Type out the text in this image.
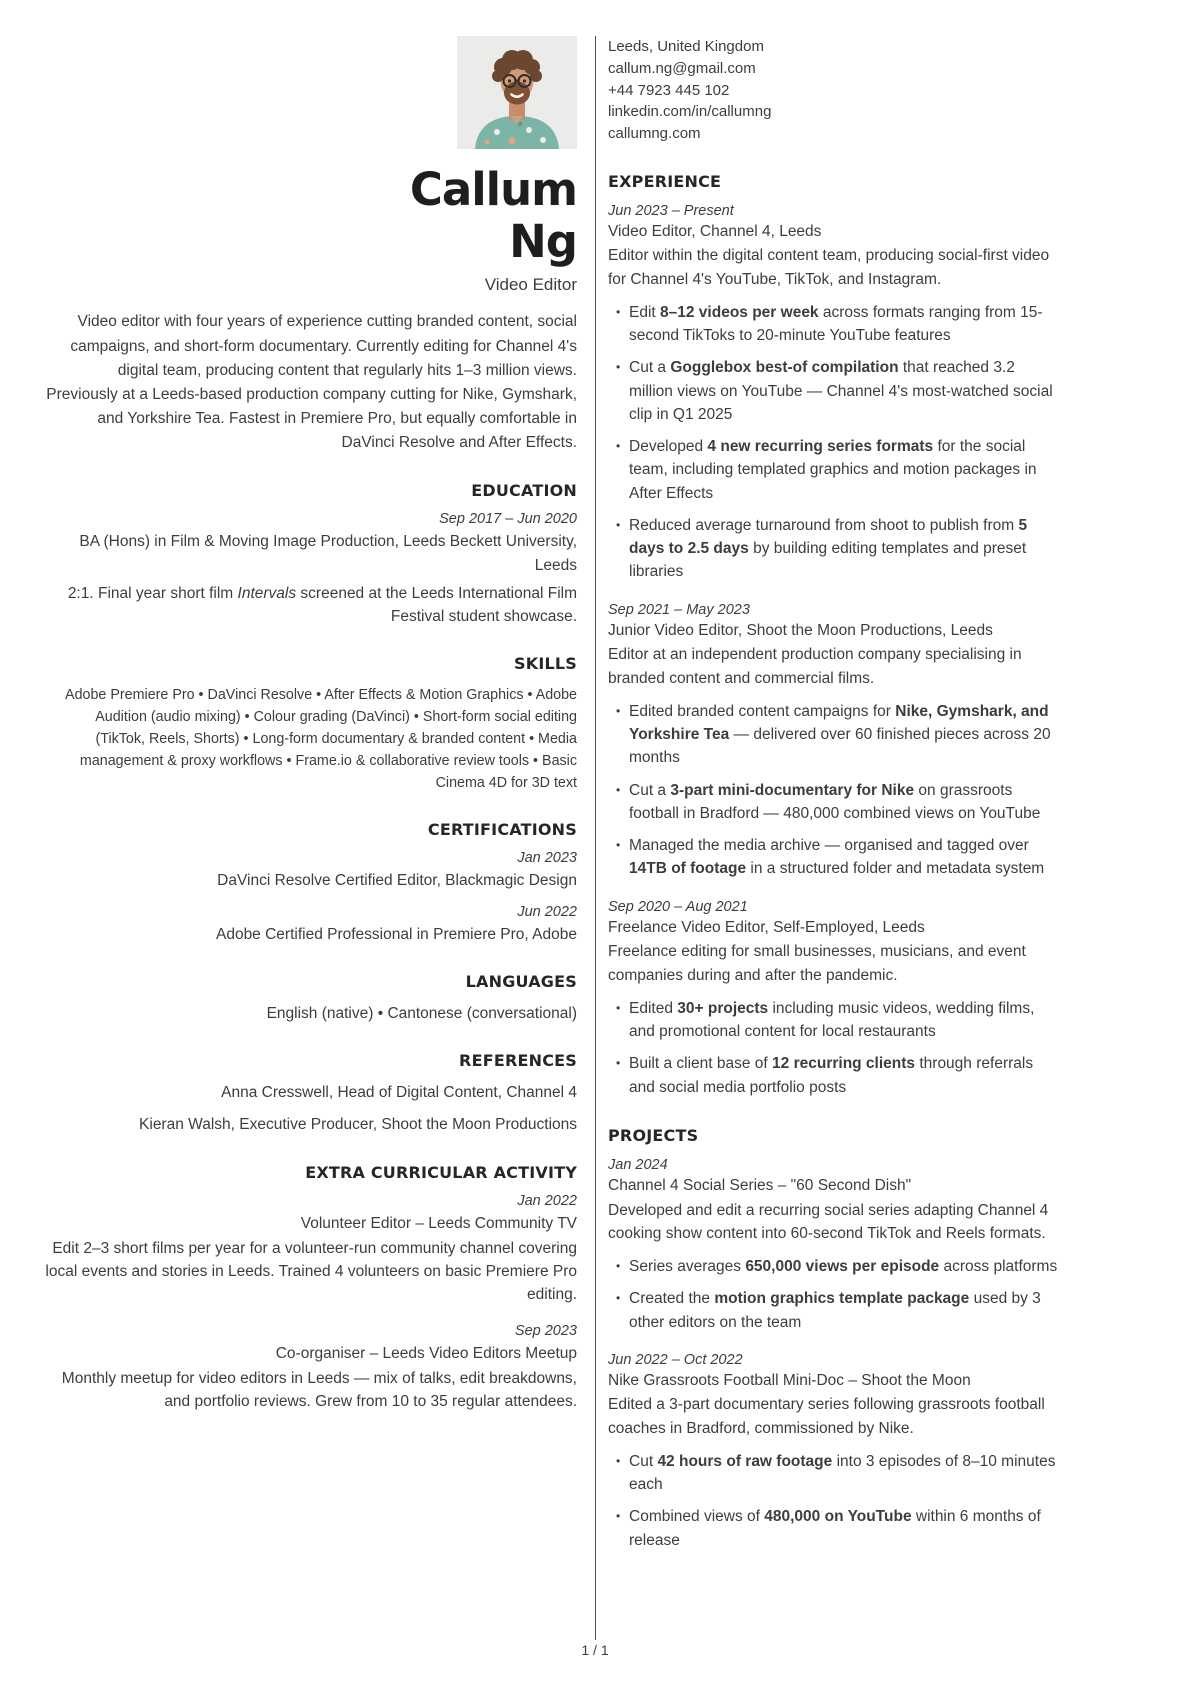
Callum
Ng
Video Editor

Video editor with four years of experience cutting branded content, social campaigns, and short-form documentary. Currently editing for Channel 4's digital team, producing content that regularly hits 1–3 million views. Previously at a Leeds-based production company cutting for Nike, Gymshark, and Yorkshire Tea. Fastest in Premiere Pro, but equally comfortable in DaVinci Resolve and After Effects.

EDUCATION
Sep 2017 – Jun 2020
BA (Hons) in Film & Moving Image Production, Leeds Beckett University, Leeds
2:1. Final year short film Intervals screened at the Leeds International Film Festival student showcase.
SKILLS
Adobe Premiere Pro • DaVinci Resolve • After Effects & Motion Graphics • Adobe Audition (audio mixing) • Colour grading (DaVinci) • Short-form social editing (TikTok, Reels, Shorts) • Long-form documentary & branded content • Media management & proxy workflows • Frame.io & collaborative review tools • Basic Cinema 4D for 3D text
CERTIFICATIONS
Jan 2023
DaVinci Resolve Certified Editor, Blackmagic Design
Jun 2022
Adobe Certified Professional in Premiere Pro, Adobe
LANGUAGES
English (native) • Cantonese (conversational)
REFERENCES
Anna Cresswell, Head of Digital Content, Channel 4
Kieran Walsh, Executive Producer, Shoot the Moon Productions
EXTRA CURRICULAR ACTIVITY
Jan 2022
Volunteer Editor – Leeds Community TV
Edit 2–3 short films per year for a volunteer-run community channel covering local events and stories in Leeds. Trained 4 volunteers on basic Premiere Pro editing.
Sep 2023
Co-organiser – Leeds Video Editors Meetup
Monthly meetup for video editors in Leeds — mix of talks, edit breakdowns, and portfolio reviews. Grew from 10 to 35 regular attendees.
Leeds, United Kingdom
callum.ng@gmail.com
+44 7923 445 102
linkedin.com/in/callumng
callumng.com
EXPERIENCE
Jun 2023 – Present
Video Editor, Channel 4, Leeds
Editor within the digital content team, producing social-first video for Channel 4's YouTube, TikTok, and Instagram.
• Edit 8–12 videos per week across formats ranging from 15-second TikToks to 20-minute YouTube features
• Cut a Gogglebox best-of compilation that reached 3.2 million views on YouTube — Channel 4's most-watched social clip in Q1 2025
• Developed 4 new recurring series formats for the social team, including templated graphics and motion packages in After Effects
• Reduced average turnaround from shoot to publish from 5 days to 2.5 days by building editing templates and preset libraries
Sep 2021 – May 2023
Junior Video Editor, Shoot the Moon Productions, Leeds
Editor at an independent production company specialising in branded content and commercial films.
• Edited branded content campaigns for Nike, Gymshark, and Yorkshire Tea — delivered over 60 finished pieces across 20 months
• Cut a 3-part mini-documentary for Nike on grassroots football in Bradford — 480,000 combined views on YouTube
• Managed the media archive — organised and tagged over 14TB of footage in a structured folder and metadata system
Sep 2020 – Aug 2021
Freelance Video Editor, Self-Employed, Leeds
Freelance editing for small businesses, musicians, and event companies during and after the pandemic.
• Edited 30+ projects including music videos, wedding films, and promotional content for local restaurants
• Built a client base of 12 recurring clients through referrals and social media portfolio posts
PROJECTS
Jan 2024
Channel 4 Social Series – "60 Second Dish"
Developed and edit a recurring social series adapting Channel 4 cooking show content into 60-second TikTok and Reels formats.
• Series averages 650,000 views per episode across platforms
• Created the motion graphics template package used by 3 other editors on the team
Jun 2022 – Oct 2022
Nike Grassroots Football Mini-Doc – Shoot the Moon
Edited a 3-part documentary series following grassroots football coaches in Bradford, commissioned by Nike.
• Cut 42 hours of raw footage into 3 episodes of 8–10 minutes each
• Combined views of 480,000 on YouTube within 6 months of release
1 / 1
